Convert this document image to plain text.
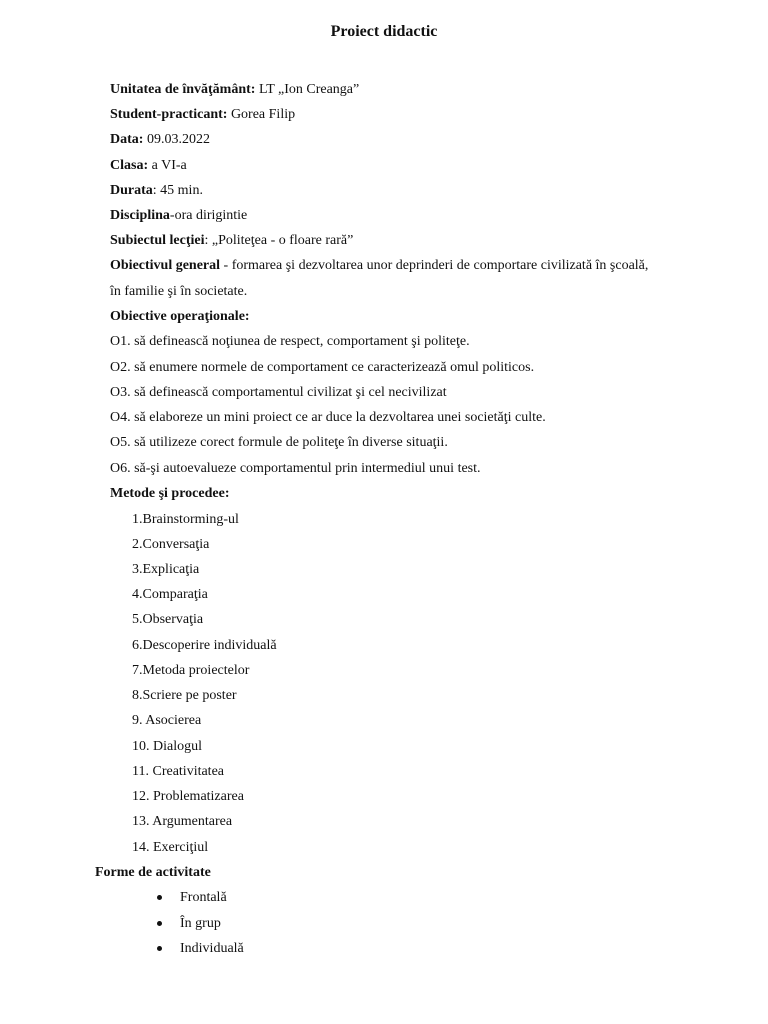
Proiect didactic
Unitatea de învăţământ: LT „Ion Creanga”
Student-practicant: Gorea Filip
Data: 09.03.2022
Clasa: a VI-a
Durata: 45 min.
Disciplina-ora dirigintie
Subiectul lecţiei: „Politeţea - o floare rară”
Obiectivul general - formarea şi dezvoltarea unor deprinderi de comportare civilizată în şcoală,
în familie şi în societate.
Obiective operaţionale:
O1. să definească noţiunea de respect, comportament şi politeţe.
O2. să enumere normele de comportament ce caracterizează omul politicos.
O3. să definească comportamentul civilizat şi cel necivilizat
O4. să elaboreze un mini proiect ce ar duce la dezvoltarea unei societăţi culte.
O5. să utilizeze corect formule de politeţe în diverse situaţii.
O6. să-şi autoevalueze comportamentul prin intermediul unui test.
Metode şi procedee:
1.Brainstorming-ul
2.Conversaţia
3.Explicaţia
4.Comparaţia
5.Observaţia
6.Descoperire individuală
7.Metoda proiectelor
8.Scriere pe poster
9. Asocierea
10. Dialogul
11. Creativitatea
12. Problematizarea
13. Argumentarea
14. Exerciţiul
Forme de activitate
Frontală
În grup
Individuală
